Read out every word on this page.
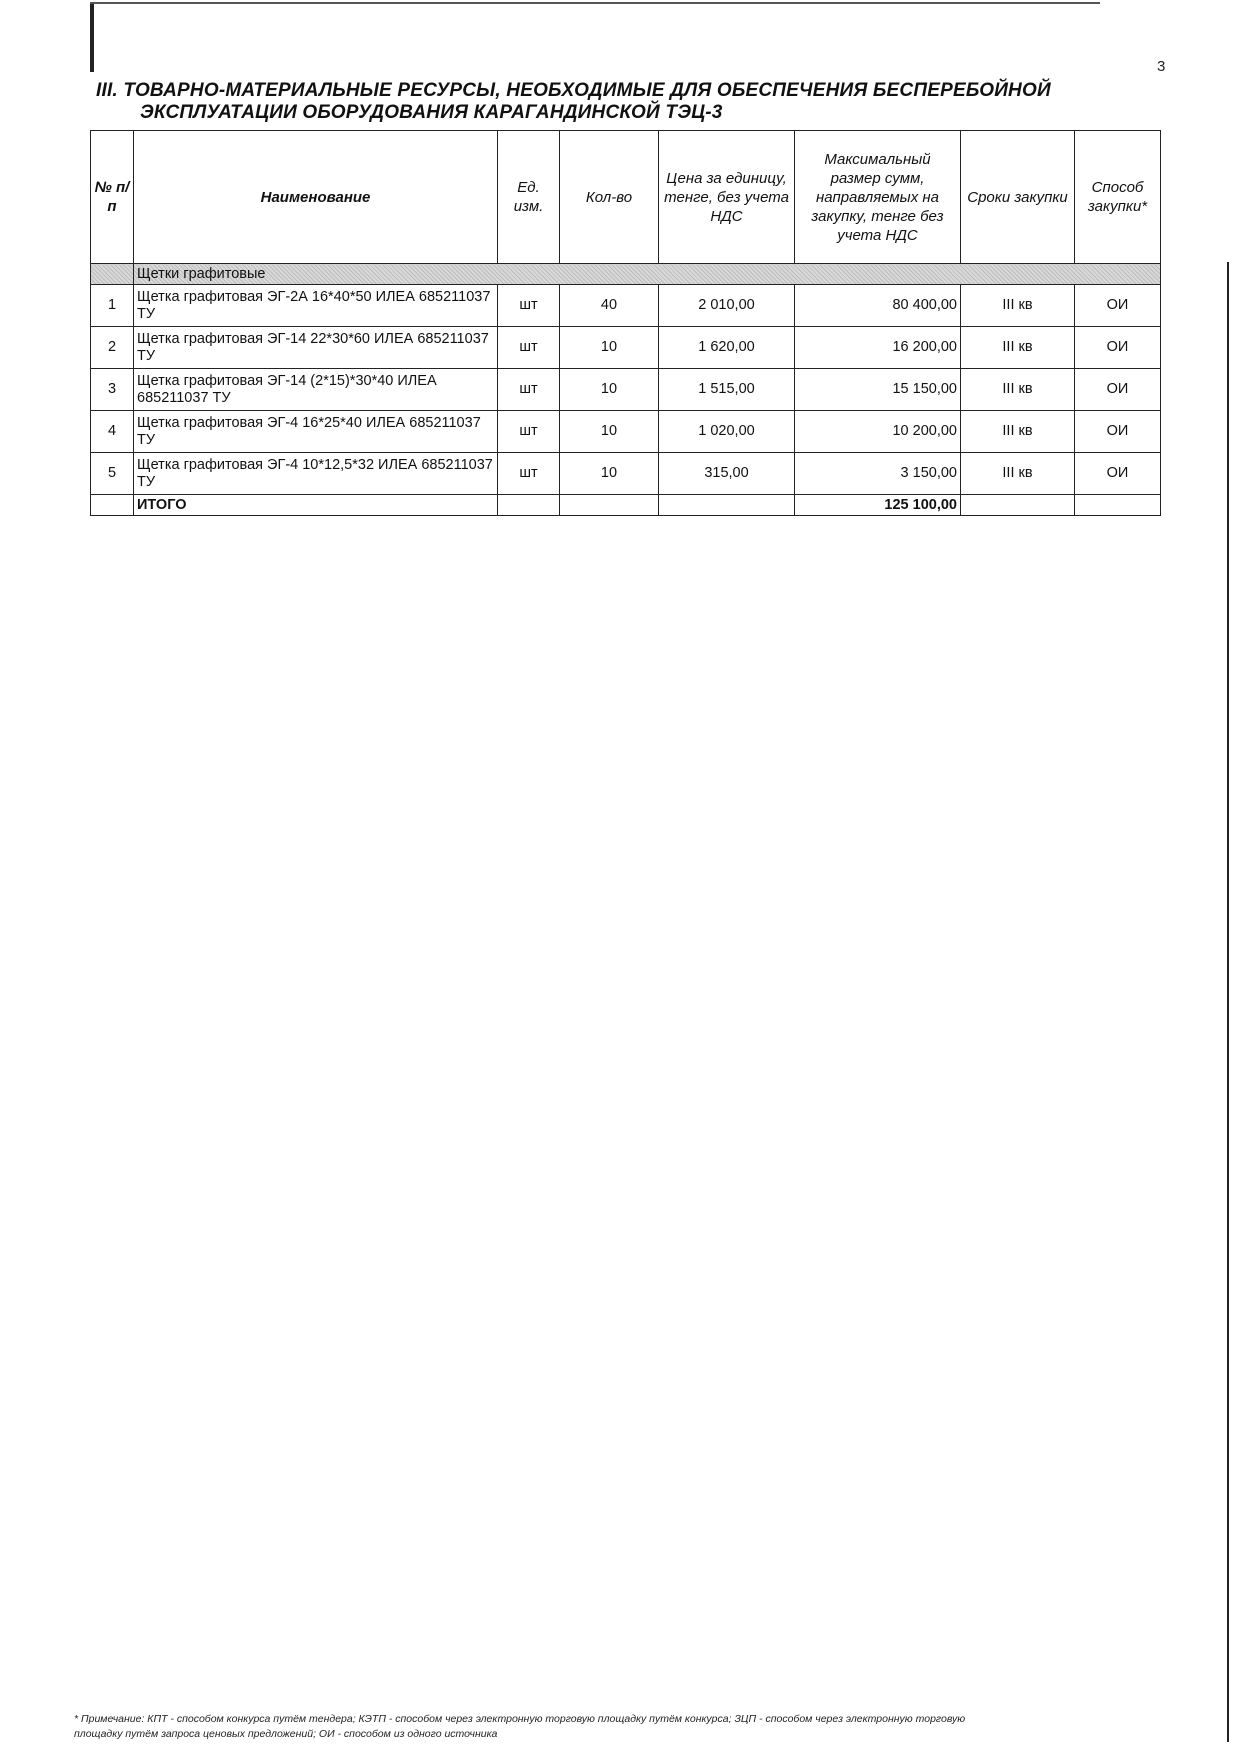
3
III. ТОВАРНО-МАТЕРИАЛЬНЫЕ РЕСУРСЫ, НЕОБХОДИМЫЕ ДЛЯ ОБЕСПЕЧЕНИЯ БЕСПЕРЕБОЙНОЙ
ЭКСПЛУАТАЦИИ ОБОРУДОВАНИЯ КАРАГАНДИНСКОЙ ТЭЦ-3
№ п/п	Наименование	Ед. изм.	Кол-во	Цена за единицу, тенге, без учета НДС	Максимальный размер сумм, направляемых на закупку, тенге без учета НДС	Сроки закупки	Способ закупки*
	Щетки графитовые						
1	Щетка графитовая ЭГ-2А 16*40*50 ИЛЕА 685211037 ТУ	шт	40	2 010,00	80 400,00	III кв	ОИ
2	Щетка графитовая ЭГ-14 22*30*60 ИЛЕА 685211037 ТУ	шт	10	1 620,00	16 200,00	III кв	ОИ
3	Щетка графитовая ЭГ-14 (2*15)*30*40 ИЛЕА 685211037 ТУ	шт	10	1 515,00	15 150,00	III кв	ОИ
4	Щетка графитовая ЭГ-4 16*25*40 ИЛЕА 685211037 ТУ	шт	10	1 020,00	10 200,00	III кв	ОИ
5	Щетка графитовая ЭГ-4 10*12,5*32 ИЛЕА 685211037 ТУ	шт	10	315,00	3 150,00	III кв	ОИ
	ИТОГО				125 100,00		
* Примечание: КПТ - способом конкурса путём тендера; КЭТП - способом через электронную торговую площадку путём конкурса; ЗЦП - способом через электронную торговую
площадку путём запроса ценовых предложений; ОИ - способом из одного источника
